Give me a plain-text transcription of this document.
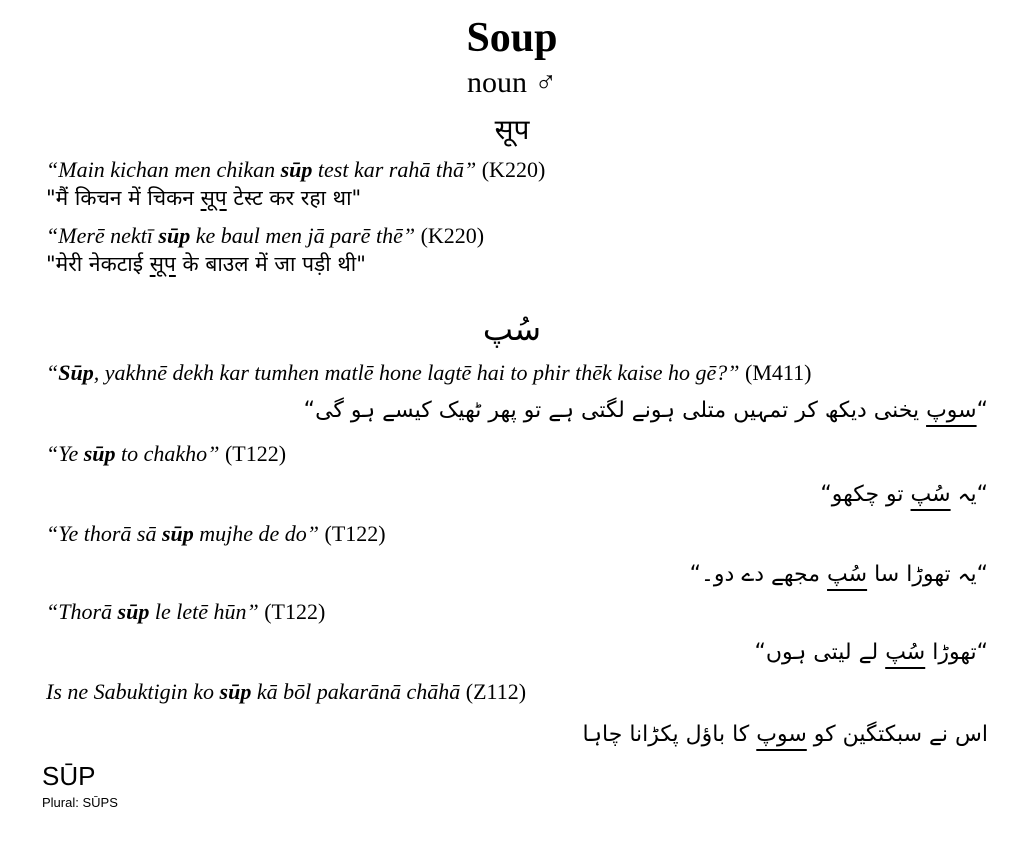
Soup
noun ♂
सूप
“Main kichan men chikan sūp test kar rahā thā” (K220)
"मैं किचन में चिकन सूप टेस्ट कर रहा था"
“Merē nektī sūp ke baul men jā parē thē” (K220)
"मेरी नेकटाई सूप के बाउल में जा पड़ी थी"
سُپ
“Sūp, yakhnē dekh kar tumhen matlē hone lagtē hai to phir thēk kaise ho gē?” (M411)
“سوپ یخنی دیکھ کر تمہیں متلی ہونے لگتی ہے تو پھر ٹھیک کیسے ہو گی“
“Ye sūp to chakho” (T122)
“یہ سُپ تو چکھو“
“Ye thorā sā sūp mujhe de do” (T122)
“یہ تھوڑا سا سُپ مجھے دے دو۔“
“Thorā sūp le letē hūn” (T122)
“تھوڑا سُپ لے لیتی ہوں“
Is ne Sabuktigin ko sūp kā bōl pakarānā chāhā (Z112)
اس نے سبکتگین کو سوپ کا باؤل پکڑانا چاہا
SŪP
Plural: SŪPS
